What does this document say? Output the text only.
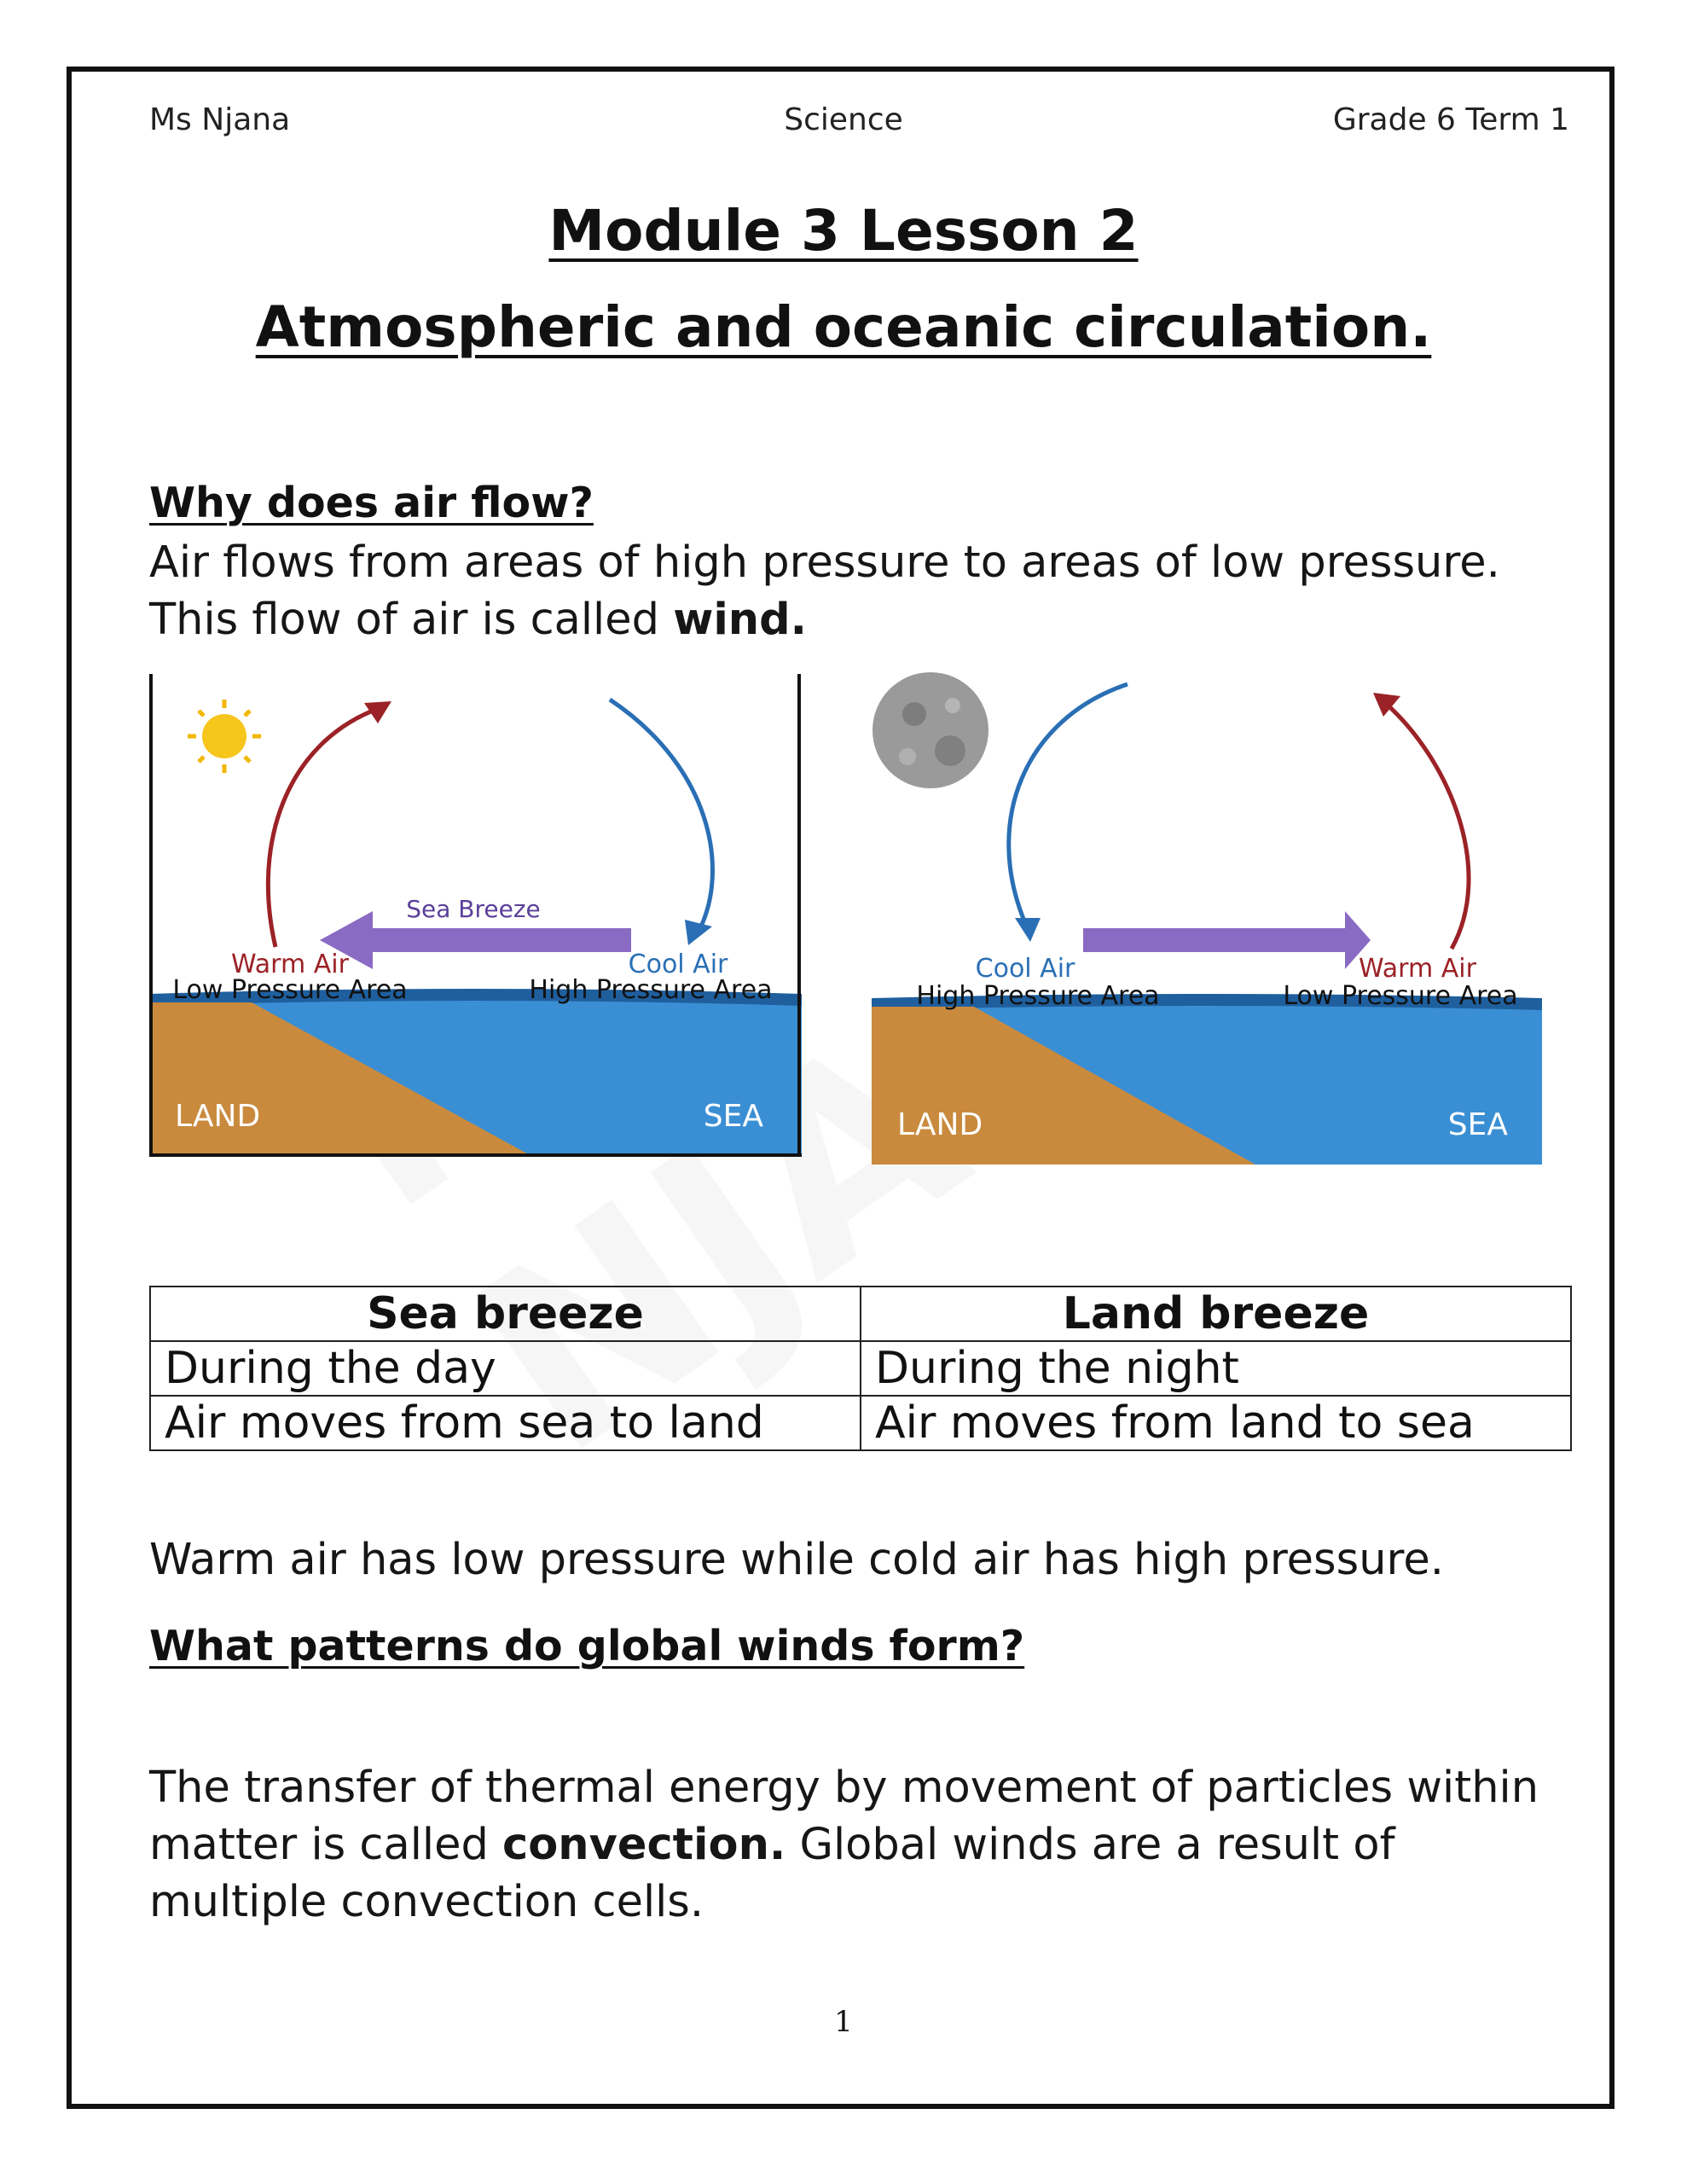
Ms Njana	Science	Grade 6 Term 1
Module 3 Lesson 2
Atmospheric and oceanic circulation.
Why does air flow?
Air flows from areas of high pressure to areas of low pressure.
This flow of air is called wind.
Sea Breeze
Warm Air
Low Pressure Area
Cool Air
High Pressure Area
LAND	SEA
Cool Air
High Pressure Area
Warm Air
Low Pressure Area
LAND	SEA
Sea breeze	Land breeze
During the day	During the night
Air moves from sea to land	Air moves from land to sea
Warm air has low pressure while cold air has high pressure.
What patterns do global winds form?
The transfer of thermal energy by movement of particles within
matter is called convection. Global winds are a result of
multiple convection cells.
1
